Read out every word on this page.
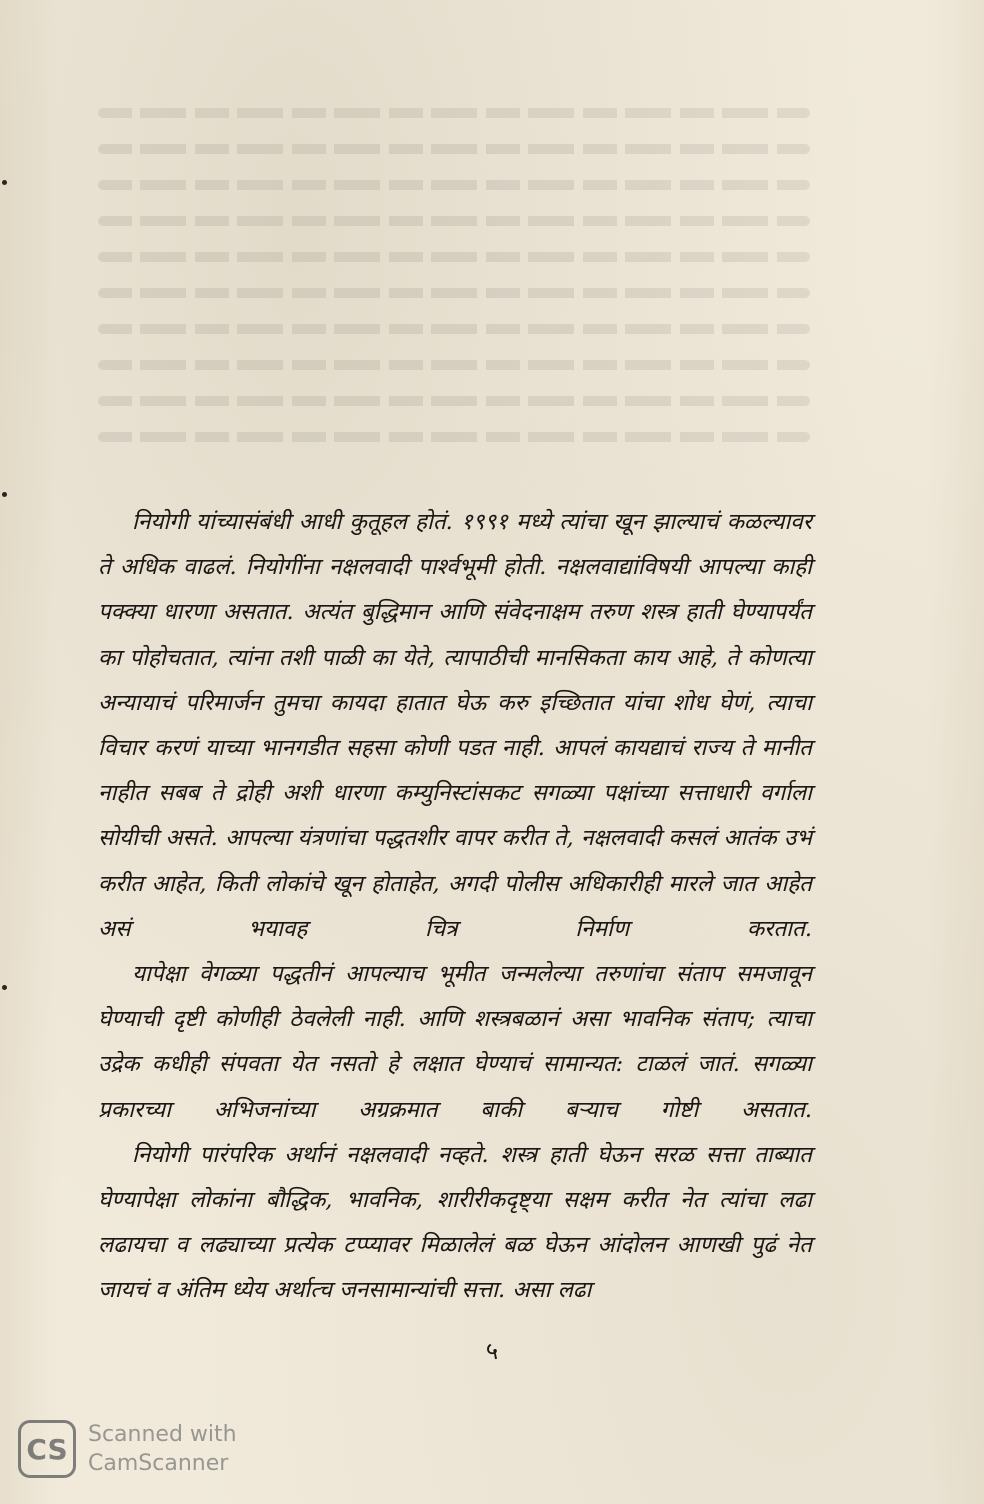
नियोगी यांच्यासंबंधी आधी कुतूहल होतं. १९९१ मध्ये त्यांचा खून झाल्याचं कळल्यावर ते अधिक वाढलं. नियोगींना नक्षलवादी पार्श्वभूमी होती. नक्षलवाद्यांविषयी आपल्या काही पक्क्या धारणा असतात. अत्यंत बुद्धिमान आणि संवेदनाक्षम तरुण शस्त्र हाती घेण्यापर्यंत का पोहोचतात, त्यांना तशी पाळी का येते, त्यापाठीची मानसिकता काय आहे, ते कोणत्या अन्यायाचं परिमार्जन तुमचा कायदा हातात घेऊ करु इच्छितात यांचा शोध घेणं, त्याचा विचार करणं याच्या भानगडीत सहसा कोणी पडत नाही. आपलं कायद्याचं राज्य ते मानीत नाहीत सबब ते द्रोही अशी धारणा कम्युनिस्टांसकट सगळ्या पक्षांच्या सत्ताधारी वर्गाला सोयीची असते. आपल्या यंत्रणांचा पद्धतशीर वापर करीत ते, नक्षलवादी कसलं आतंक उभं करीत आहेत, किती लोकांचे खून होताहेत, अगदी पोलीस अधिकारीही मारले जात आहेत असं भयावह चित्र निर्माण करतात.

यापेक्षा वेगळ्या पद्धतीनं आपल्याच भूमीत जन्मलेल्या तरुणांचा संताप समजावून घेण्याची दृष्टी कोणीही ठेवलेली नाही. आणि शस्त्रबळानं असा भावनिक संताप; त्याचा उद्रेक कधीही संपवता येत नसतो हे लक्षात घेण्याचं सामान्यत: टाळलं जातं. सगळ्या प्रकारच्या अभिजनांच्या अग्रक्रमात बाकी बऱ्याच गोष्टी असतात.

नियोगी पारंपरिक अर्थानं नक्षलवादी नव्हते. शस्त्र हाती घेऊन सरळ सत्ता ताब्यात घेण्यापेक्षा लोकांना बौद्धिक, भावनिक, शारीरीकदृष्ट्या सक्षम करीत नेत त्यांचा लढा लढायचा व लढ्याच्या प्रत्येक टप्प्यावर मिळालेलं बळ घेऊन आंदोलन आणखी पुढं नेत जायचं व अंतिम ध्येय अर्थात्च जनसामान्यांची सत्ता. असा लढा

५
CS Scanned with
CamScanner
